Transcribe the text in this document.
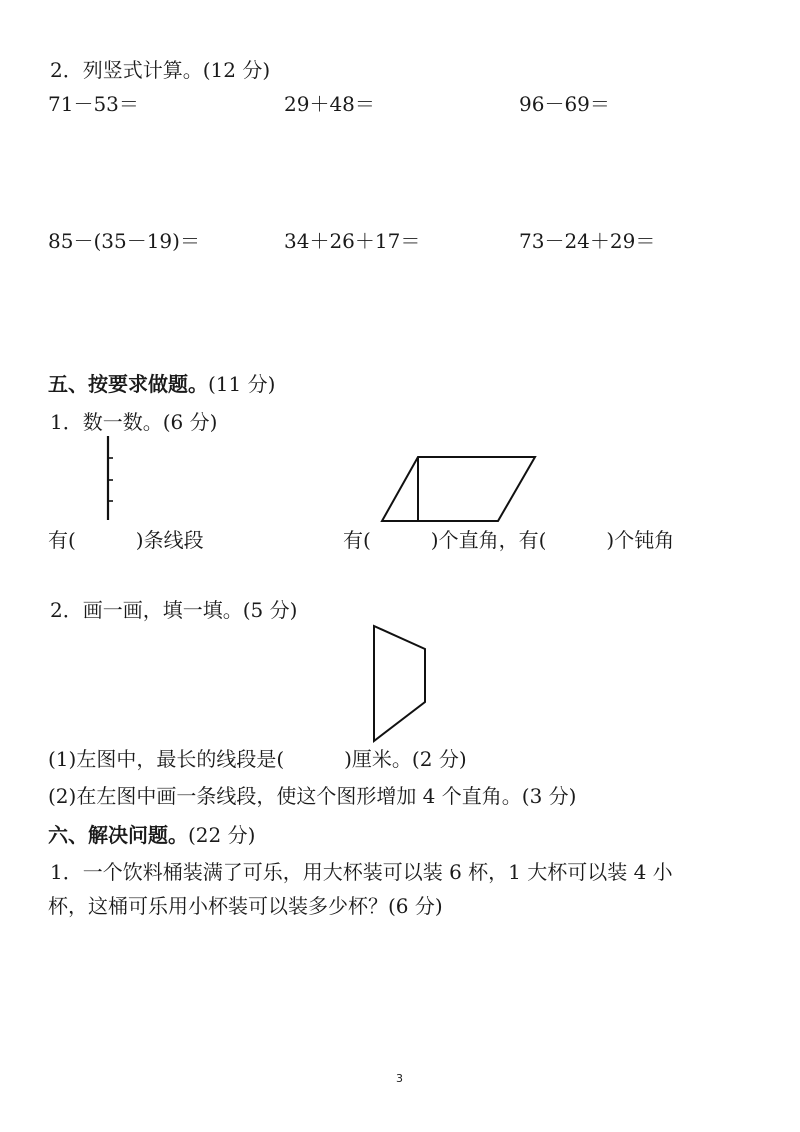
2．列竖式计算。(12 分)
71－53＝	29＋48＝	96－69＝
85－(35－19)＝	34＋26＋17＝	73－24＋29＝
五、按要求做题。(11 分)
1．数一数。(6 分)
有(　　　)条线段	有(　　　)个直角，有(　　　)个钝角
2．画一画，填一填。(5 分)
(1)左图中，最长的线段是(　　　)厘米。(2 分)
(2)在左图中画一条线段，使这个图形增加 4 个直角。(3 分)
六、解决问题。(22 分)
1．一个饮料桶装满了可乐，用大杯装可以装 6 杯，1 大杯可以装 4 小
杯，这桶可乐用小杯装可以装多少杯？(6 分)
3
